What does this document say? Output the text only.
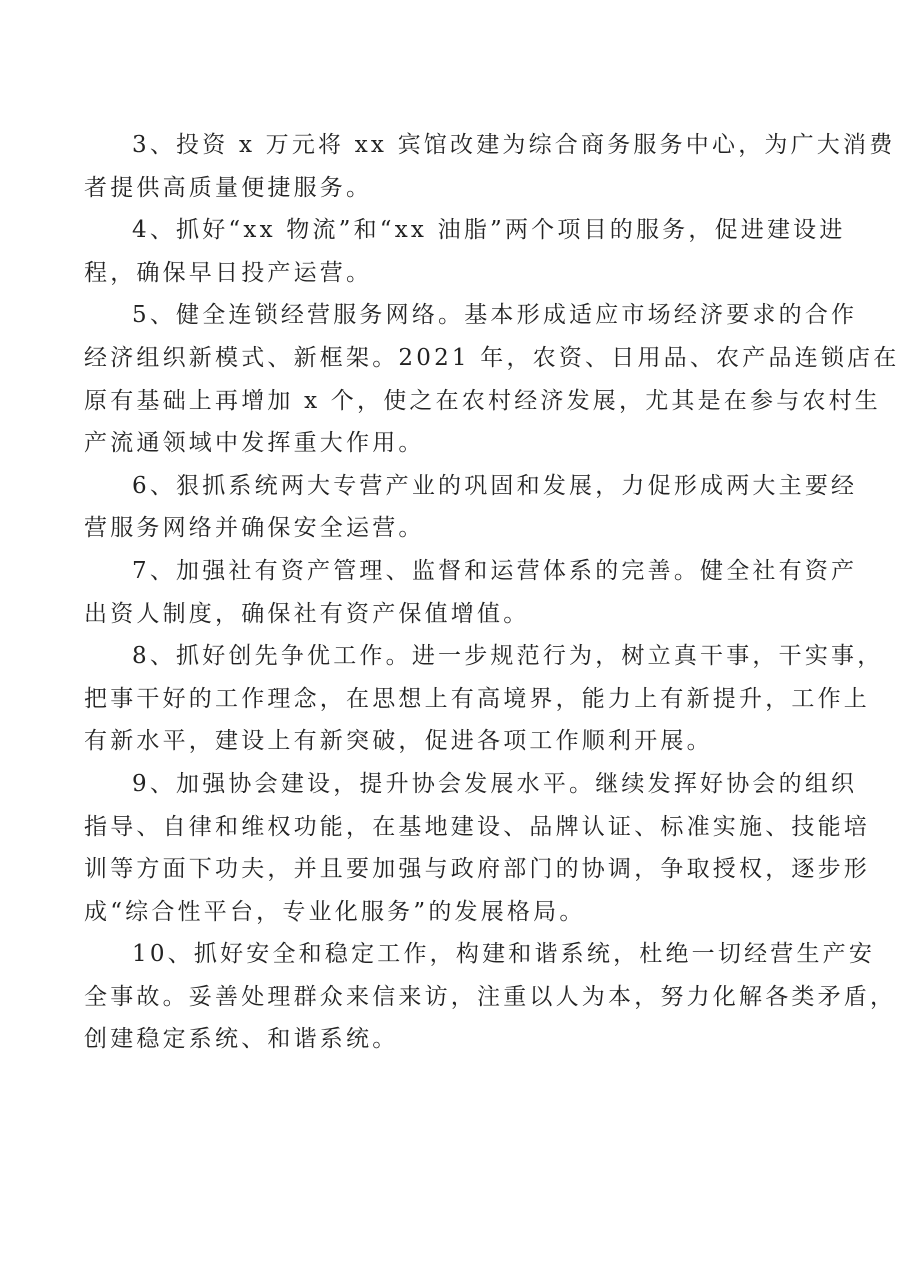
3、投资 x 万元将 xx 宾馆改建为综合商务服务中心，为广大消费
者提供高质量便捷服务。

4、抓好“xx 物流”和“xx 油脂”两个项目的服务，促进建设进
程，确保早日投产运营。

5、健全连锁经营服务网络。基本形成适应市场经济要求的合作
经济组织新模式、新框架。2021 年，农资、日用品、农产品连锁店在
原有基础上再增加 x 个，使之在农村经济发展，尤其是在参与农村生
产流通领域中发挥重大作用。

6、狠抓系统两大专营产业的巩固和发展，力促形成两大主要经
营服务网络并确保安全运营。

7、加强社有资产管理、监督和运营体系的完善。健全社有资产
出资人制度，确保社有资产保值增值。

8、抓好创先争优工作。进一步规范行为，树立真干事，干实事，
把事干好的工作理念，在思想上有高境界，能力上有新提升，工作上
有新水平，建设上有新突破，促进各项工作顺利开展。

9、加强协会建设，提升协会发展水平。继续发挥好协会的组织
指导、自律和维权功能，在基地建设、品牌认证、标准实施、技能培
训等方面下功夫，并且要加强与政府部门的协调，争取授权，逐步形
成“综合性平台，专业化服务”的发展格局。

10、抓好安全和稳定工作，构建和谐系统，杜绝一切经营生产安
全事故。妥善处理群众来信来访，注重以人为本，努力化解各类矛盾，
创建稳定系统、和谐系统。
